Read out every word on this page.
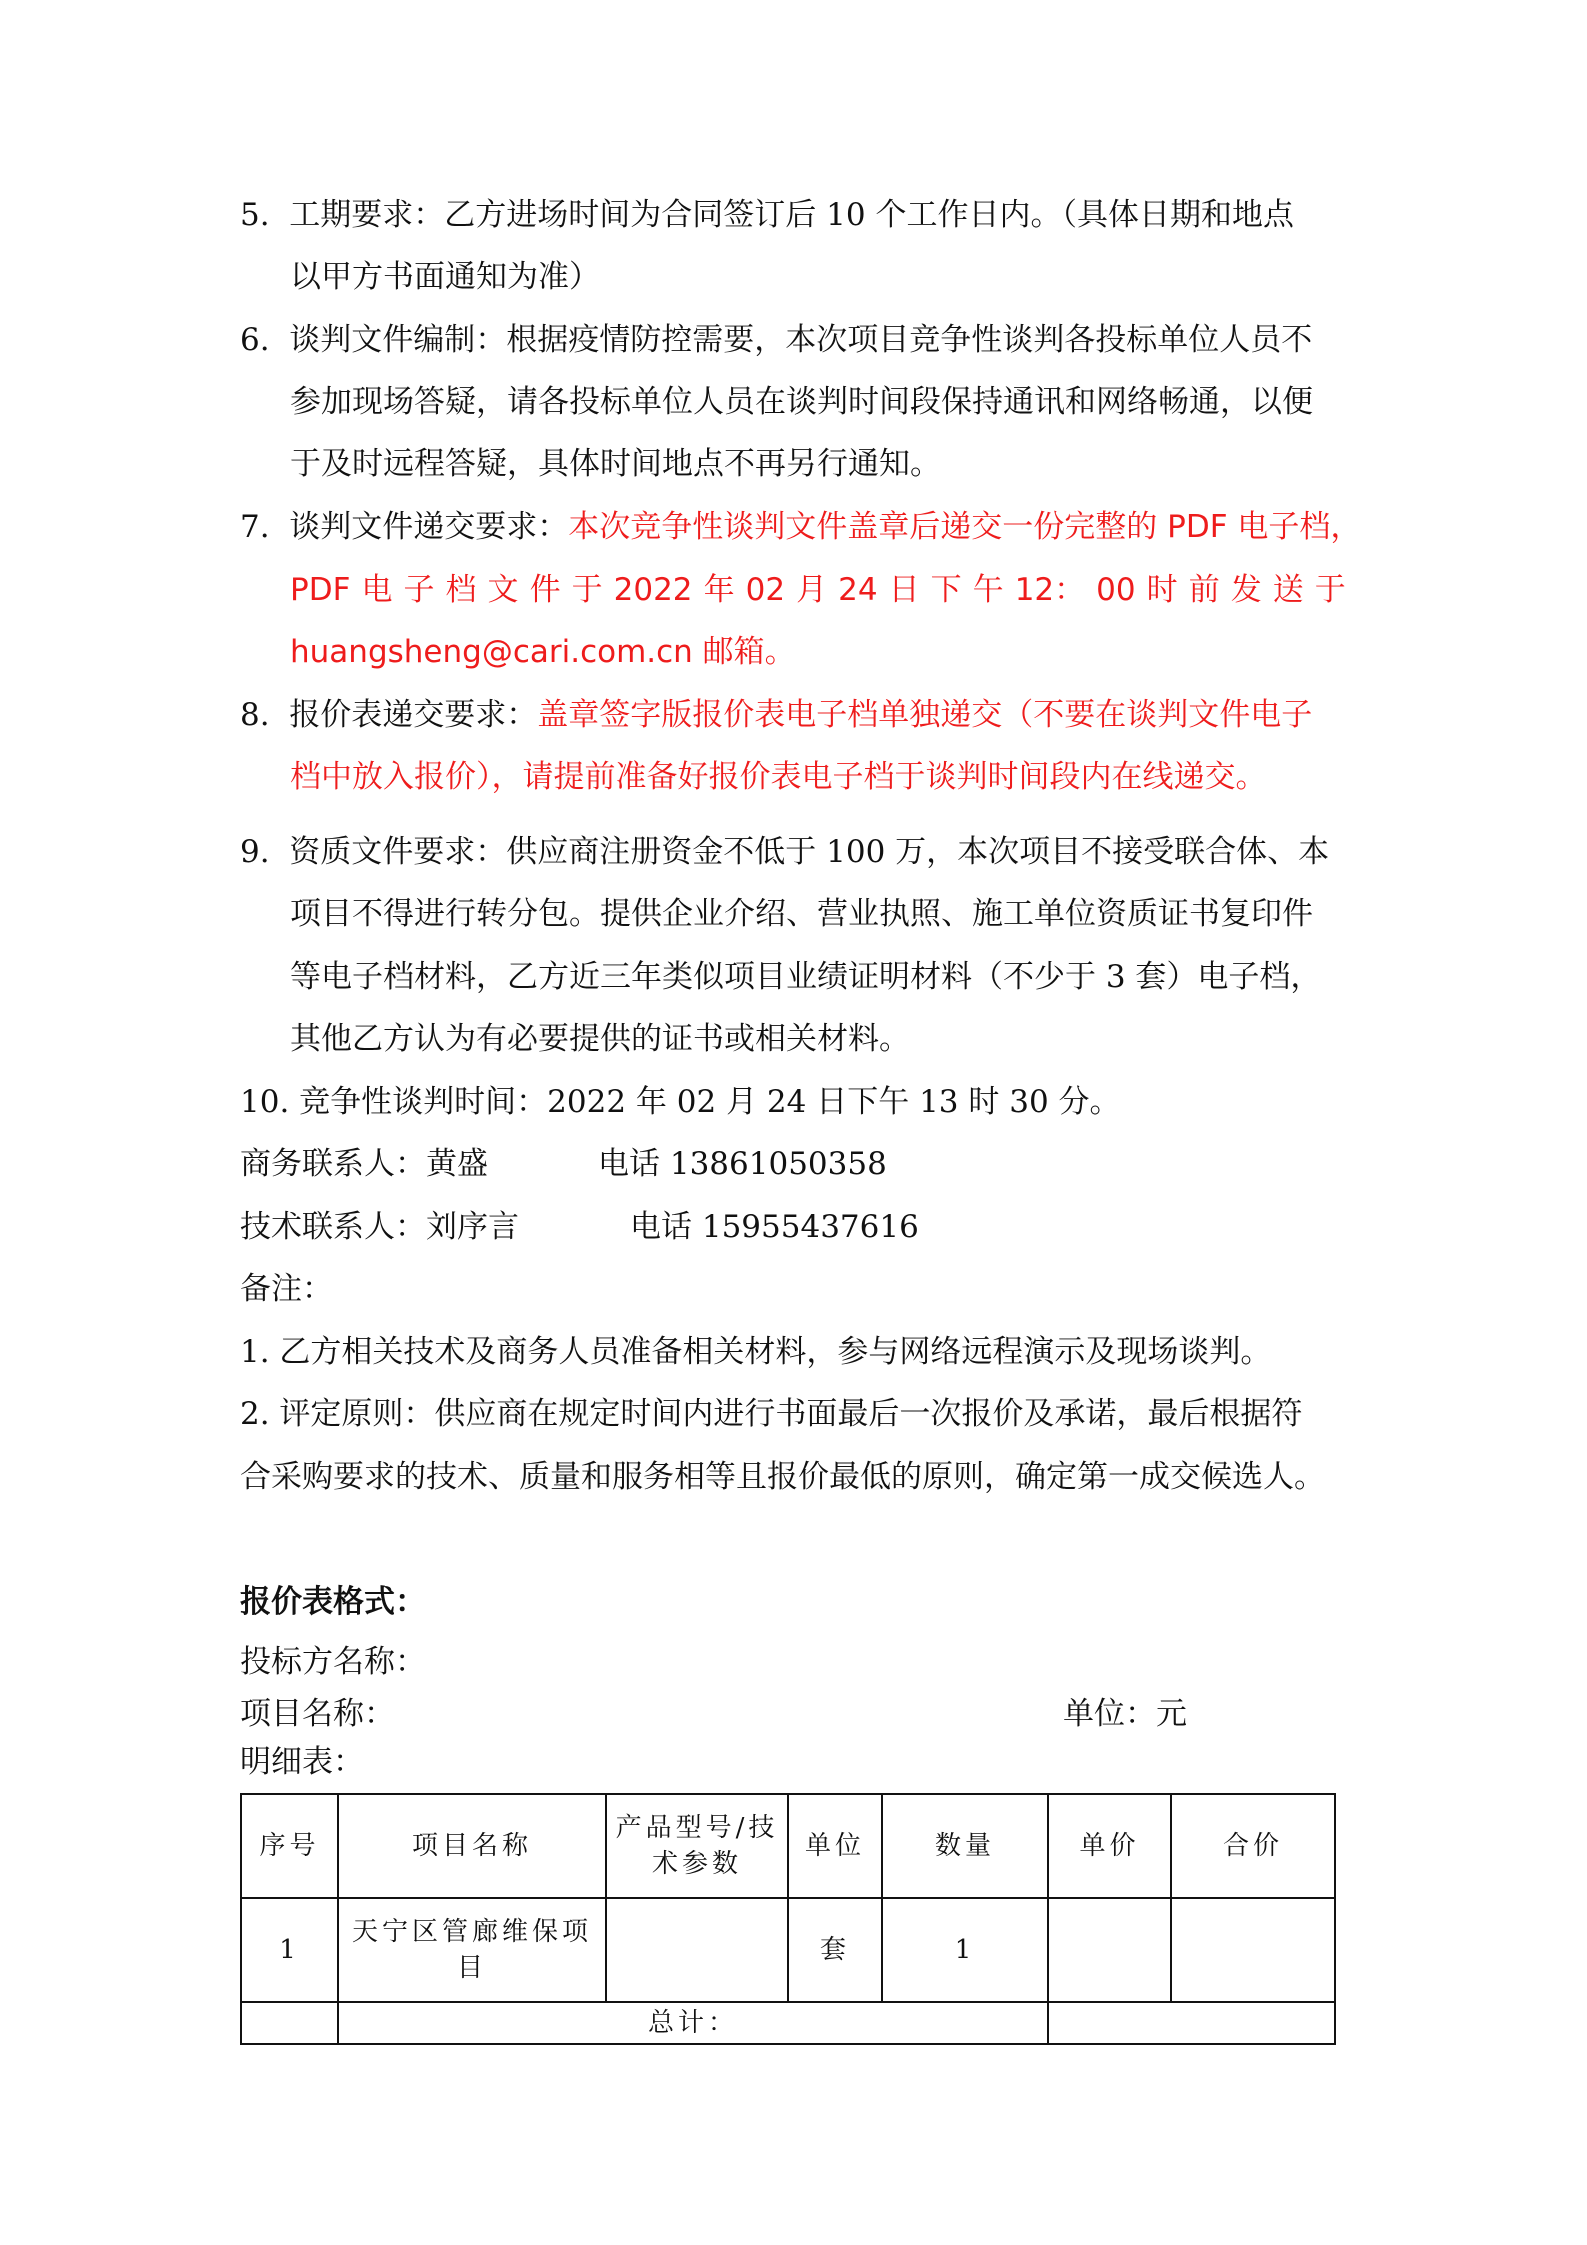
5. 工期要求：乙方进场时间为合同签订后 10 个工作日内。（具体日期和地点
以甲方书面通知为准）
6. 谈判文件编制：根据疫情防控需要，本次项目竞争性谈判各投标单位人员不
参加现场答疑，请各投标单位人员在谈判时间段保持通讯和网络畅通，以便
于及时远程答疑，具体时间地点不再另行通知。
7. 谈判文件递交要求：本次竞争性谈判文件盖章后递交一份完整的 PDF 电子档，
PDF 电 子 档 文 件 于 2022 年 02 月 24 日 下 午 12： 00 时 前 发 送 于
huangsheng@cari.com.cn 邮箱。
8. 报价表递交要求：盖章签字版报价表电子档单独递交（不要在谈判文件电子
档中放入报价），请提前准备好报价表电子档于谈判时间段内在线递交。
9. 资质文件要求：供应商注册资金不低于 100 万，本次项目不接受联合体、本
项目不得进行转分包。提供企业介绍、营业执照、施工单位资质证书复印件
等电子档材料，乙方近三年类似项目业绩证明材料（不少于 3 套）电子档，
其他乙方认为有必要提供的证书或相关材料。
10. 竞争性谈判时间：2022 年 02 月 24 日下午 13 时 30 分。
商务联系人：黄盛	电话 13861050358
技术联系人：刘序言	电话 15955437616
备注：
1. 乙方相关技术及商务人员准备相关材料，参与网络远程演示及现场谈判。
2. 评定原则：供应商在规定时间内进行书面最后一次报价及承诺，最后根据符
合采购要求的技术、质量和服务相等且报价最低的原则，确定第一成交候选人。
报价表格式：
投标方名称：
项目名称：	单位：元
明细表：
序号	项目名称	产品型号/技术参数	单位	数量	单价	合价
1	天宁区管廊维保项目		套	1		
	总计：					
